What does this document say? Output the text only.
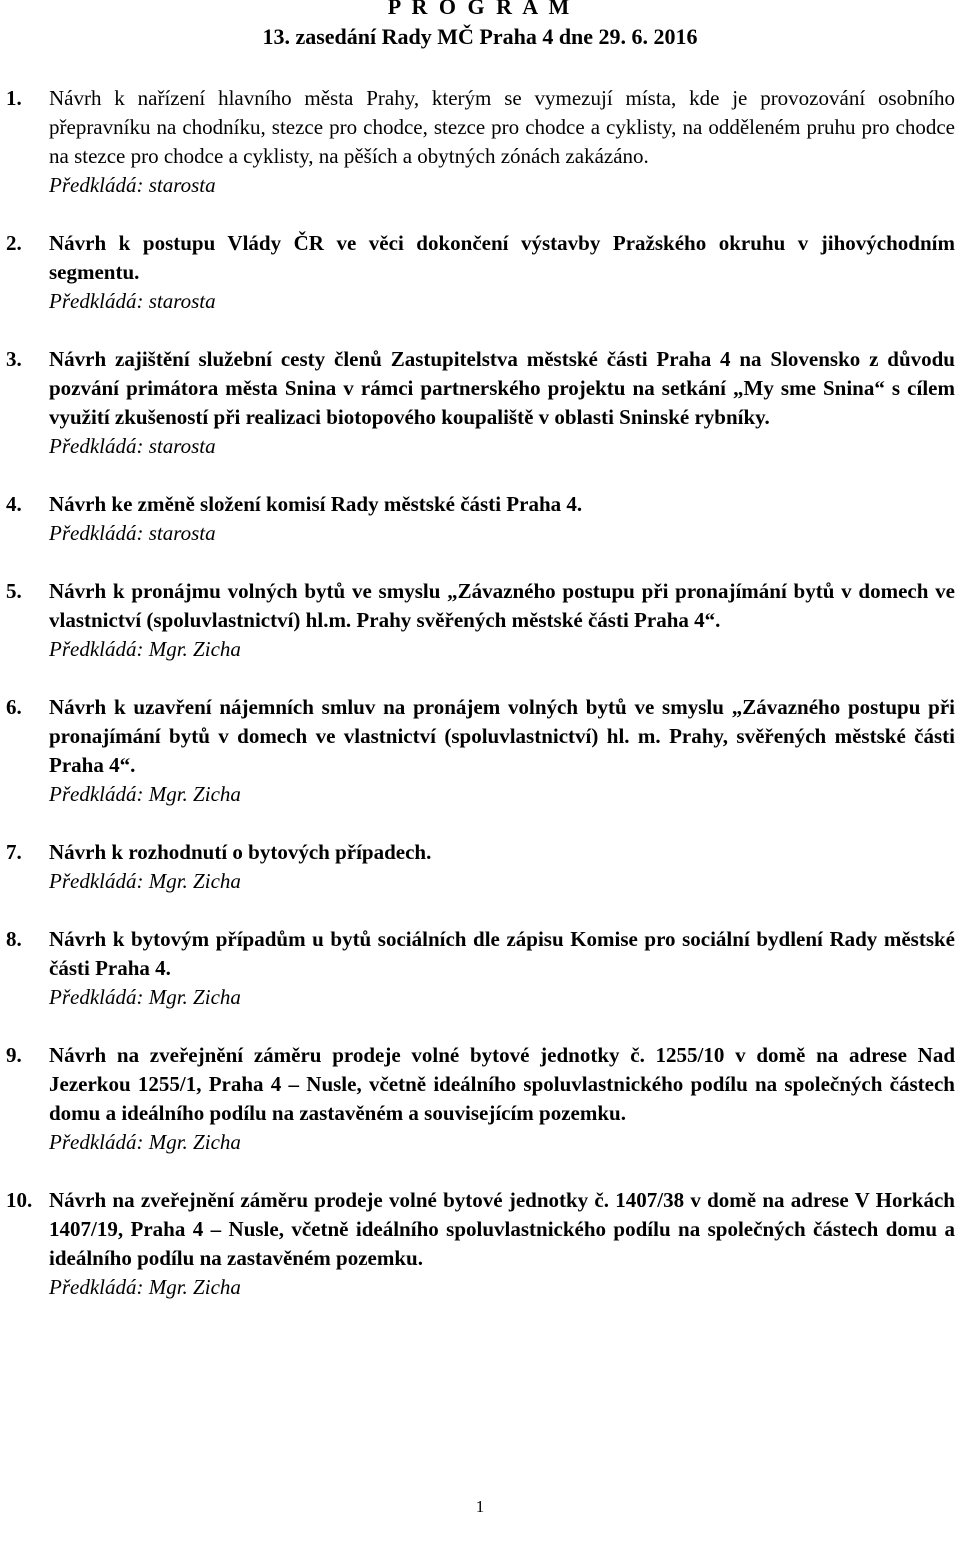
P R O G R A M
13. zasedání Rady MČ Praha 4 dne 29. 6. 2016
1. Návrh k nařízení hlavního města Prahy, kterým se vymezují místa, kde je provozování osobního přepravníku na chodníku, stezce pro chodce, stezce pro chodce a cyklisty, na odděleném pruhu pro chodce na stezce pro chodce a cyklisty, na pěších a obytných zónách zakázáno.
Předkládá: starosta
2. Návrh k postupu Vlády ČR ve věci dokončení výstavby Pražského okruhu v jihovýchodním segmentu.
Předkládá: starosta
3. Návrh zajištění služební cesty členů Zastupitelstva městské části Praha 4 na Slovensko z důvodu pozvání primátora města Snina v rámci partnerského projektu na setkání „My sme Snina“ s cílem využití zkušeností při realizaci biotopového koupaliště v oblasti Sninské rybníky.
Předkládá: starosta
4. Návrh ke změně složení komisí Rady městské části Praha 4.
Předkládá: starosta
5. Návrh k pronájmu volných bytů ve smyslu „Závazného postupu při pronajímání bytů v domech ve vlastnictví (spoluvlastnictví) hl.m. Prahy svěřených městské části Praha 4“.
Předkládá: Mgr. Zicha
6. Návrh k uzavření nájemních smluv na pronájem volných bytů ve smyslu „Závazného postupu při pronajímání bytů v domech ve vlastnictví (spoluvlastnictví) hl. m. Prahy, svěřených městské části Praha 4“.
Předkládá: Mgr. Zicha
7. Návrh k rozhodnutí o bytových případech.
Předkládá: Mgr. Zicha
8. Návrh k bytovým případům u bytů sociálních dle zápisu Komise pro sociální bydlení Rady městské části Praha 4.
Předkládá: Mgr. Zicha
9. Návrh na zveřejnění záměru prodeje volné bytové jednotky č. 1255/10 v domě na adrese Nad Jezerkou 1255/1, Praha 4 – Nusle, včetně ideálního spoluvlastnického podílu na společných částech domu a ideálního podílu na zastavěném a souvisejícím pozemku.
Předkládá: Mgr. Zicha
10. Návrh na zveřejnění záměru prodeje volné bytové jednotky č. 1407/38 v domě na adrese V Horkách 1407/19, Praha 4 – Nusle, včetně ideálního spoluvlastnického podílu na společných částech domu a ideálního podílu na zastavěném pozemku.
Předkládá: Mgr. Zicha
1
